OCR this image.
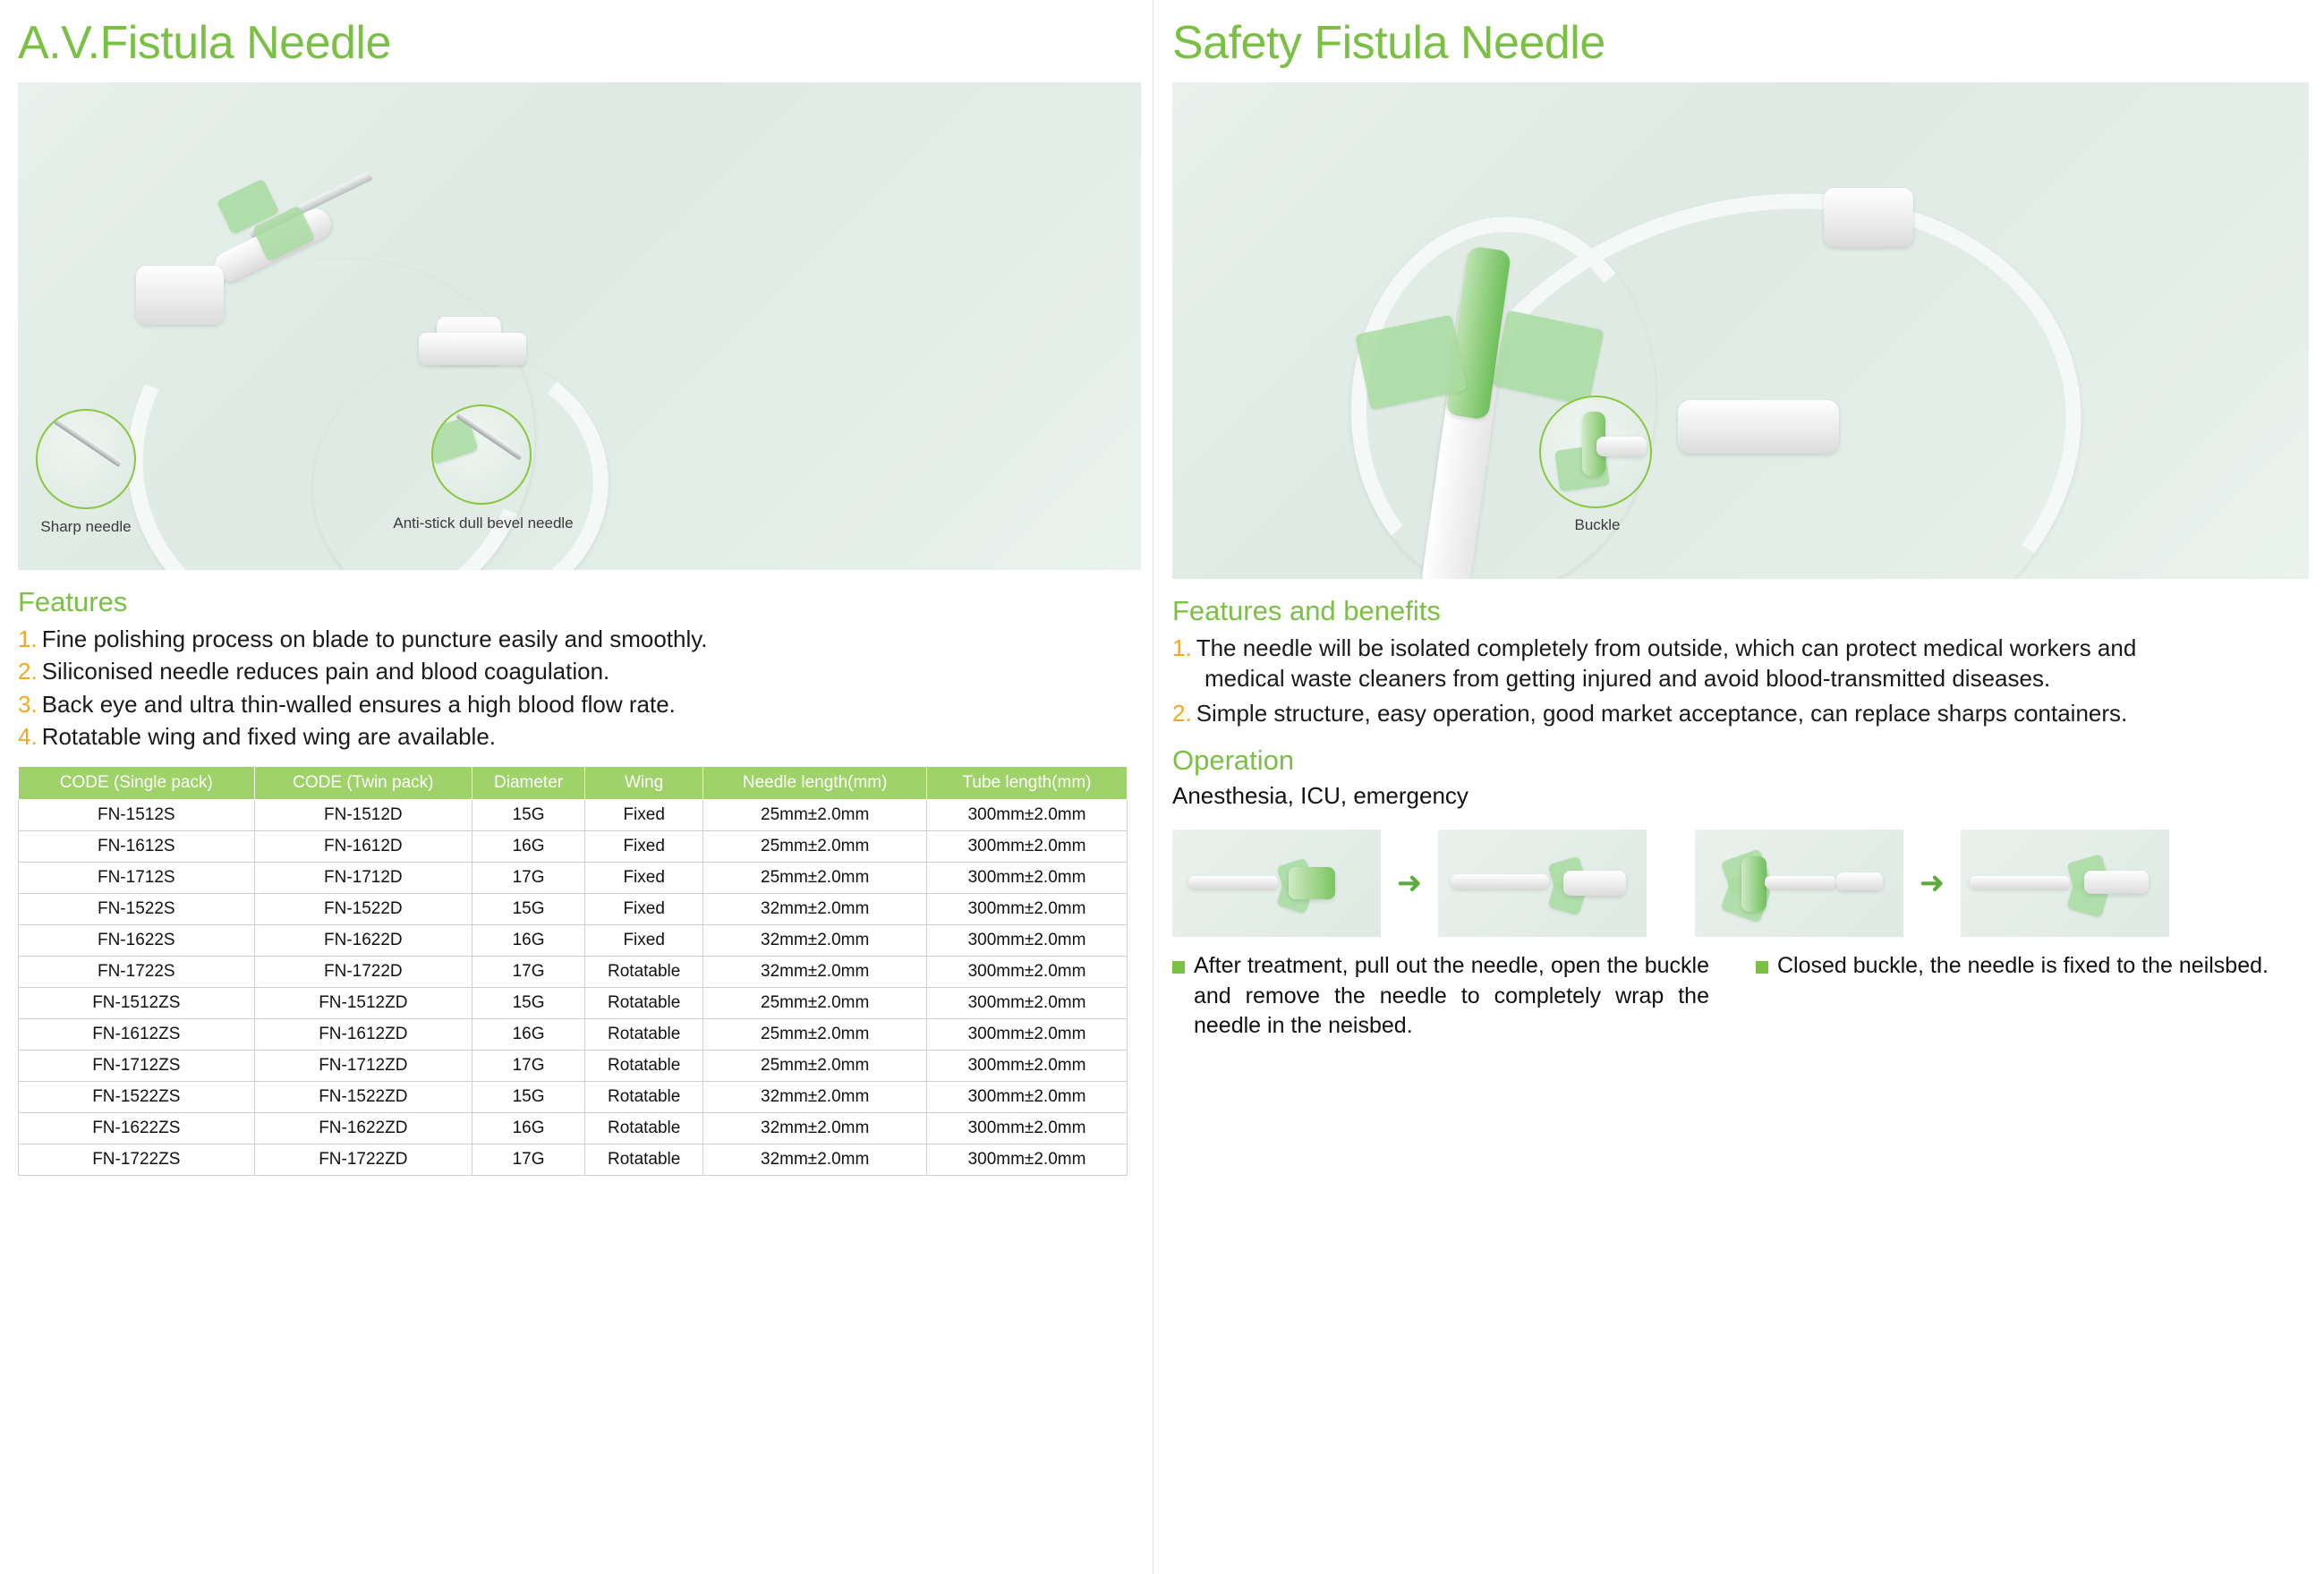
A.V.Fistula Needle
Sharp needle	Anti-stick dull bevel needle
Features
1. Fine polishing process on blade to puncture easily and smoothly.
2. Siliconised needle reduces pain and blood coagulation.
3. Back eye and ultra thin-walled ensures a high blood flow rate.
4. Rotatable wing and fixed wing are available.
CODE (Single pack)	CODE (Twin pack)	Diameter	Wing	Needle length(mm)	Tube length(mm)
FN-1512S	FN-1512D	15G	Fixed	25mm±2.0mm	300mm±2.0mm
FN-1612S	FN-1612D	16G	Fixed	25mm±2.0mm	300mm±2.0mm
FN-1712S	FN-1712D	17G	Fixed	25mm±2.0mm	300mm±2.0mm
FN-1522S	FN-1522D	15G	Fixed	32mm±2.0mm	300mm±2.0mm
FN-1622S	FN-1622D	16G	Fixed	32mm±2.0mm	300mm±2.0mm
FN-1722S	FN-1722D	17G	Rotatable	32mm±2.0mm	300mm±2.0mm
FN-1512ZS	FN-1512ZD	15G	Rotatable	25mm±2.0mm	300mm±2.0mm
FN-1612ZS	FN-1612ZD	16G	Rotatable	25mm±2.0mm	300mm±2.0mm
FN-1712ZS	FN-1712ZD	17G	Rotatable	25mm±2.0mm	300mm±2.0mm
FN-1522ZS	FN-1522ZD	15G	Rotatable	32mm±2.0mm	300mm±2.0mm
FN-1622ZS	FN-1622ZD	16G	Rotatable	32mm±2.0mm	300mm±2.0mm
FN-1722ZS	FN-1722ZD	17G	Rotatable	32mm±2.0mm	300mm±2.0mm
Safety Fistula Needle
Buckle
Features and benefits
1. The needle will be isolated completely from outside, which can protect medical workers and
medical waste cleaners from getting injured and avoid blood-transmitted diseases.
2. Simple structure, easy operation, good market acceptance, can replace sharps containers.
Operation

Anesthesia, ICU, emergency

➜	➜
After treatment, pull out the needle, open the buckle and remove the needle to completely wrap the needle in the neisbed.
Closed buckle, the needle is fixed to the neilsbed.
